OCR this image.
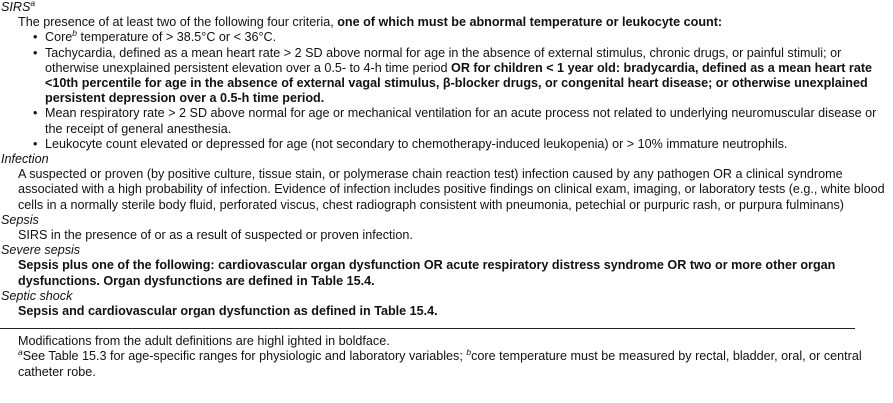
SIRS$^a$
The presence of at least two of the following four criteria, one of which must be abnormal temperature or leukocyte count:
• Core$^b$ temperature of > 38.5°C or < 36°C.
• Tachycardia, defined as a mean heart rate > 2 SD above normal for age in the absence of external stimulus, chronic drugs, or painful stimuli; or otherwise unexplained persistent elevation over a 0.5- to 4-h time period OR for children < 1 year old: bradycardia, defined as a mean heart rate <10th percentile for age in the absence of external vagal stimulus, β-blocker drugs, or congenital heart disease; or otherwise unexplained persistent depression over a 0.5-h time period.
• Mean respiratory rate > 2 SD above normal for age or mechanical ventilation for an acute process not related to underlying neuromuscular disease or the receipt of general anesthesia.
• Leukocyte count elevated or depressed for age (not secondary to chemotherapy-induced leukopenia) or > 10% immature neutrophils.
Infection
A suspected or proven (by positive culture, tissue stain, or polymerase chain reaction test) infection caused by any pathogen OR a clinical syndrome associated with a high probability of infection. Evidence of infection includes positive findings on clinical exam, imaging, or laboratory tests (e.g., white blood cells in a normally sterile body fluid, perforated viscus, chest radiograph consistent with pneumonia, petechial or purpuric rash, or purpura fulminans)
Sepsis
SIRS in the presence of or as a result of suspected or proven infection.
Severe sepsis
Sepsis plus one of the following: cardiovascular organ dysfunction OR acute respiratory distress syndrome OR two or more other organ dysfunctions. Organ dysfunctions are defined in Table 15.4.
Septic shock
Sepsis and cardiovascular organ dysfunction as defined in Table 15.4.
Modifications from the adult definitions are highl ighted in boldface.
$^a$See Table 15.3 for age-specific ranges for physiologic and laboratory variables; $^b$core temperature must be measured by rectal, bladder, oral, or central catheter robe.
